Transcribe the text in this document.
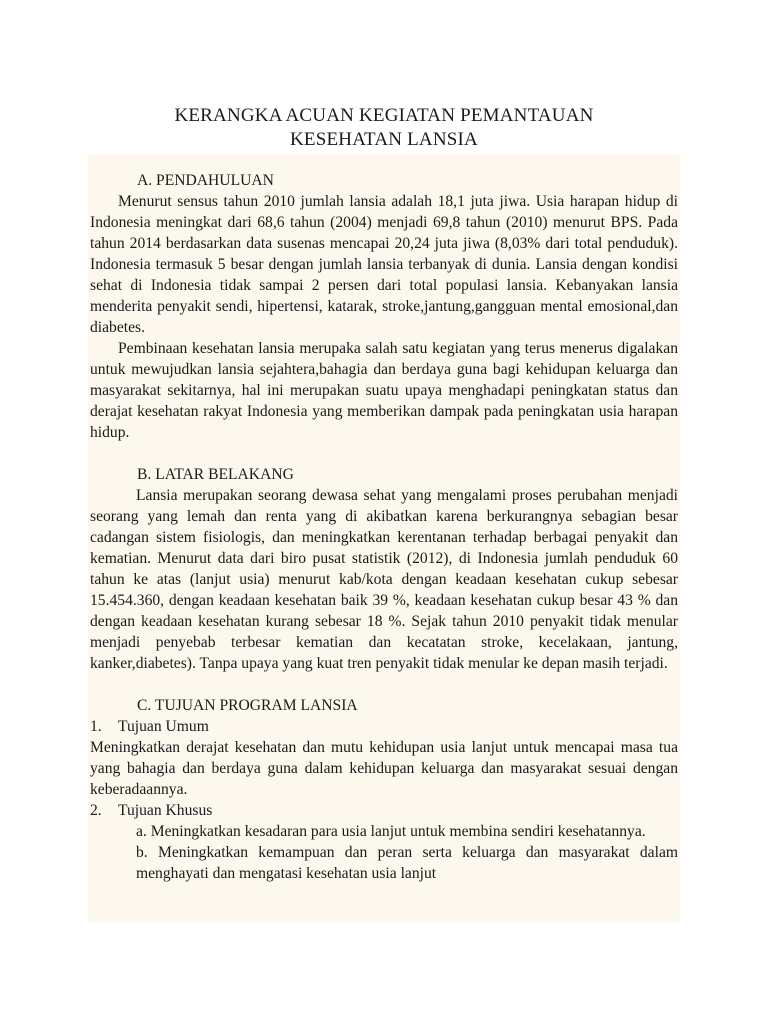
KERANGKA ACUAN KEGIATAN PEMANTAUAN
KESEHATAN LANSIA
A. PENDAHULUAN

Menurut sensus tahun 2010 jumlah lansia adalah 18,1 juta jiwa. Usia harapan hidup di Indonesia meningkat dari 68,6 tahun (2004) menjadi 69,8 tahun (2010) menurut BPS. Pada tahun 2014 berdasarkan data susenas mencapai 20,24 juta jiwa (8,03% dari total penduduk). Indonesia termasuk 5 besar dengan jumlah lansia terbanyak di dunia. Lansia dengan kondisi sehat di Indonesia tidak sampai 2 persen dari total populasi lansia. Kebanyakan lansia menderita penyakit sendi, hipertensi, katarak, stroke,jantung,gangguan mental emosional,dan diabetes.

Pembinaan kesehatan lansia merupaka salah satu kegiatan yang terus menerus digalakan untuk mewujudkan lansia sejahtera,bahagia dan berdaya guna bagi kehidupan keluarga dan masyarakat sekitarnya, hal ini merupakan suatu upaya menghadapi peningkatan status dan derajat kesehatan rakyat Indonesia yang memberikan dampak pada peningkatan usia harapan hidup.

B. LATAR BELAKANG

Lansia merupakan seorang dewasa sehat yang mengalami proses perubahan menjadi seorang yang lemah dan renta yang di akibatkan karena berkurangnya sebagian besar cadangan sistem fisiologis, dan meningkatkan kerentanan terhadap berbagai penyakit dan kematian. Menurut data dari biro pusat statistik (2012), di Indonesia jumlah penduduk 60 tahun ke atas (lanjut usia) menurut kab/kota dengan keadaan kesehatan cukup sebesar 15.454.360, dengan keadaan kesehatan baik 39 %, keadaan kesehatan cukup besar 43 % dan dengan keadaan kesehatan kurang sebesar 18 %. Sejak tahun 2010 penyakit tidak menular menjadi penyebab terbesar kematian dan kecatatan stroke, kecelakaan, jantung, kanker,diabetes). Tanpa upaya yang kuat tren penyakit tidak menular ke depan masih terjadi.

C. TUJUAN PROGRAM LANSIA
1. Tujuan Umum

Meningkatkan derajat kesehatan dan mutu kehidupan usia lanjut untuk mencapai masa tua yang bahagia dan berdaya guna dalam kehidupan keluarga dan masyarakat sesuai dengan keberadaannya.

2. Tujuan Khusus

a. Meningkatkan kesadaran para usia lanjut untuk membina sendiri kesehatannya.

b. Meningkatkan kemampuan dan peran serta keluarga dan masyarakat dalam menghayati dan mengatasi kesehatan usia lanjut
